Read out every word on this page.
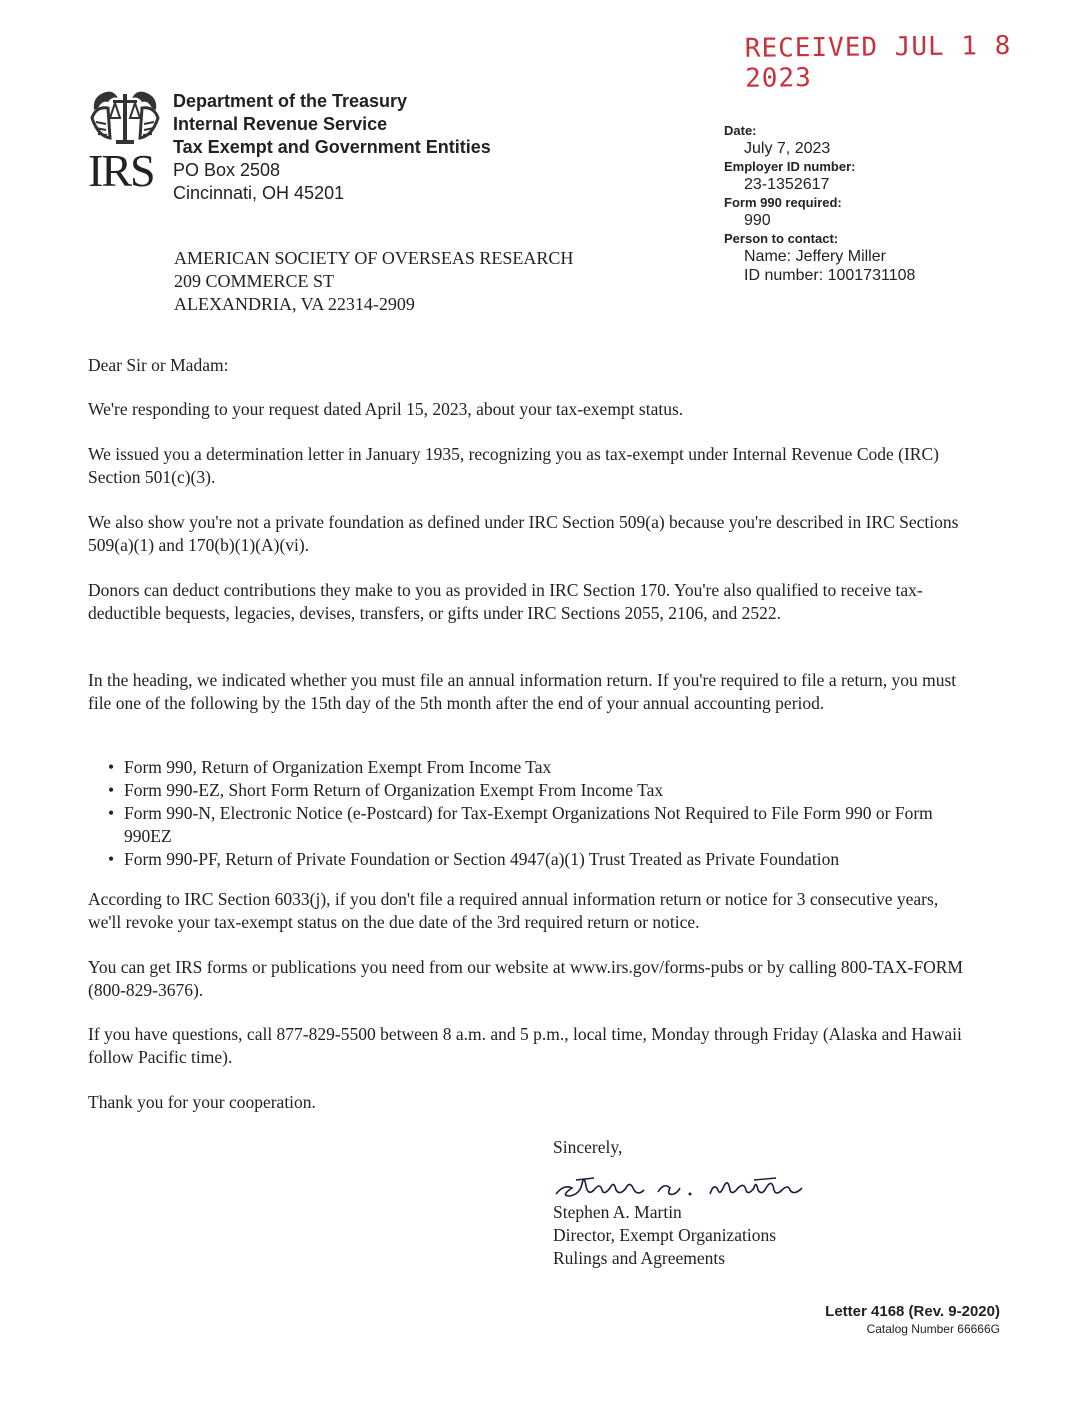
RECEIVED JUL 1 8 2023
IRS
Department of the Treasury
Internal Revenue Service
Tax Exempt and Government Entities
PO Box 2508
Cincinnati, OH 45201
Date:
July 7, 2023
Employer ID number:
23-1352617
Form 990 required:
990
Person to contact:
Name: Jeffery Miller
ID number: 1001731108
AMERICAN SOCIETY OF OVERSEAS RESEARCH
209 COMMERCE ST
ALEXANDRIA, VA 22314-2909

Dear Sir or Madam:

We're responding to your request dated April 15, 2023, about your tax-exempt status.

We issued you a determination letter in January 1935, recognizing you as tax-exempt under Internal Revenue Code (IRC) Section 501(c)(3).

We also show you're not a private foundation as defined under IRC Section 509(a) because you're described in IRC Sections 509(a)(1) and 170(b)(1)(A)(vi).

Donors can deduct contributions they make to you as provided in IRC Section 170. You're also qualified to receive tax-deductible bequests, legacies, devises, transfers, or gifts under IRC Sections 2055, 2106, and 2522.

In the heading, we indicated whether you must file an annual information return. If you're required to file a return, you must file one of the following by the 15th day of the 5th month after the end of your annual accounting period.

• Form 990, Return of Organization Exempt From Income Tax
• Form 990-EZ, Short Form Return of Organization Exempt From Income Tax
• Form 990-N, Electronic Notice (e-Postcard) for Tax-Exempt Organizations Not Required to File Form 990 or Form 990EZ
• Form 990-PF, Return of Private Foundation or Section 4947(a)(1) Trust Treated as Private Foundation

According to IRC Section 6033(j), if you don't file a required annual information return or notice for 3 consecutive years, we'll revoke your tax-exempt status on the due date of the 3rd required return or notice.

You can get IRS forms or publications you need from our website at www.irs.gov/forms-pubs or by calling 800-TAX-FORM (800-829-3676).

If you have questions, call 877-829-5500 between 8 a.m. and 5 p.m., local time, Monday through Friday (Alaska and Hawaii follow Pacific time).

Thank you for your cooperation.

Sincerely,
Stephen A. Martin
Director, Exempt Organizations
Rulings and Agreements
Letter 4168 (Rev. 9-2020)
Catalog Number 66666G
